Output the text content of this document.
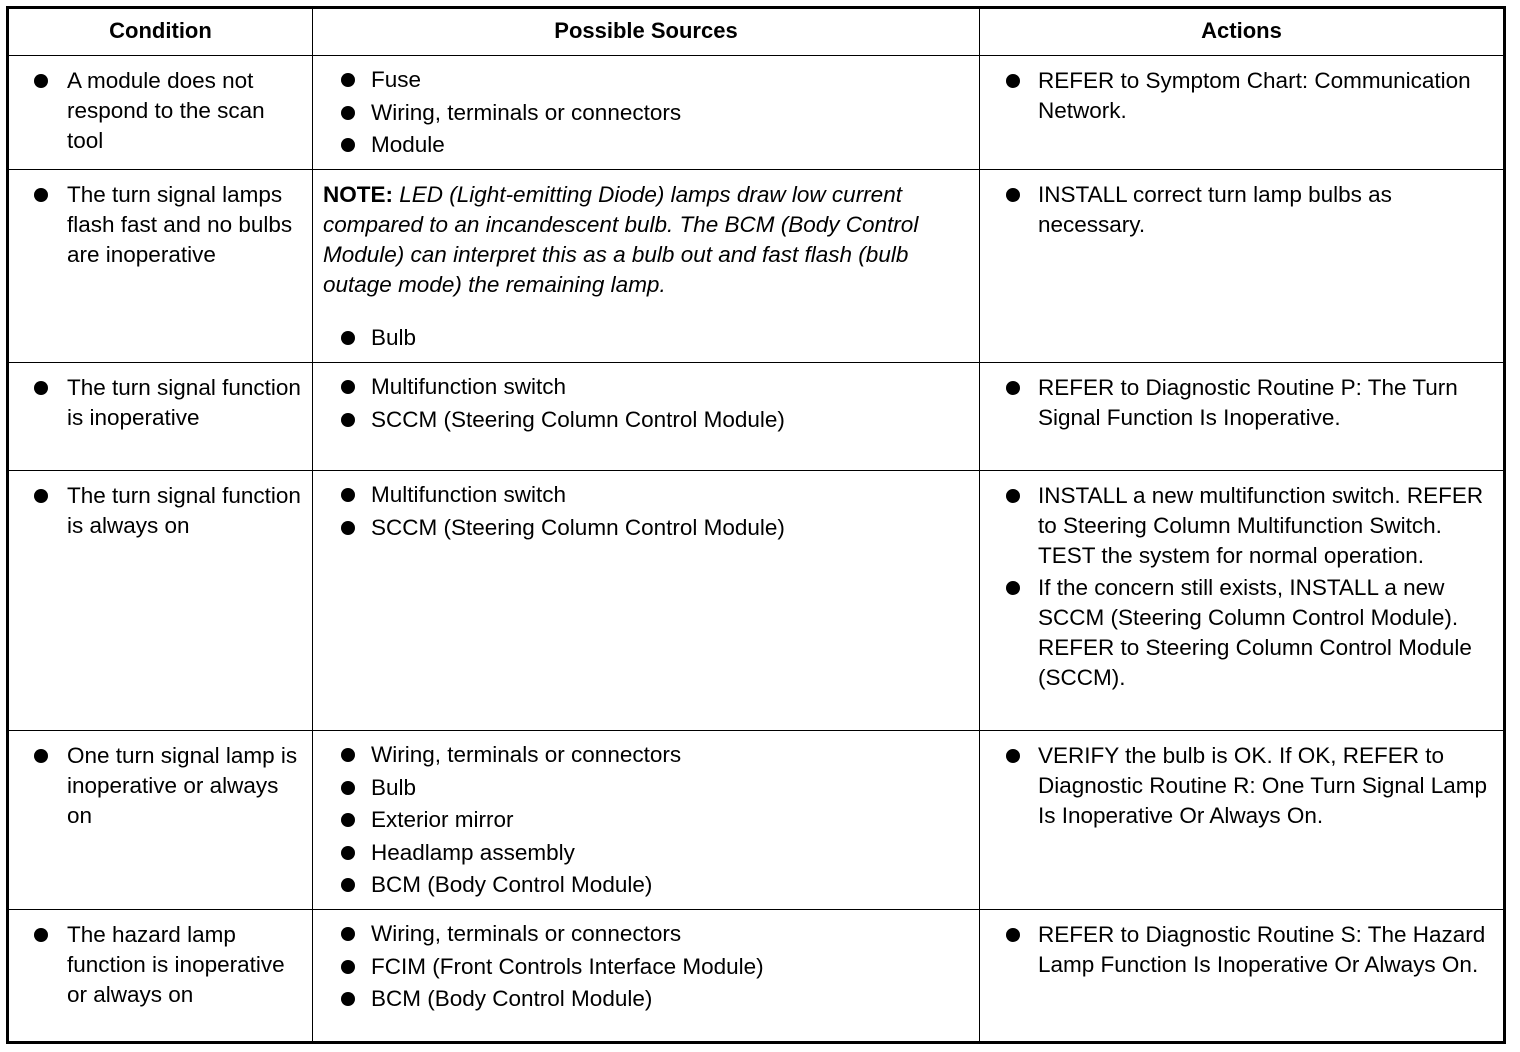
Condition	Possible Sources	Actions
A module does not respond to the scan tool
Fuse
Wiring, terminals or connectors
Module
REFER to Symptom Chart: Communication Network.
The turn signal lamps flash fast and no bulbs are inoperative
NOTE: LED (Light-emitting Diode) lamps draw low current compared to an incandescent bulb. The BCM (Body Control Module) can interpret this as a bulb out and fast flash (bulb outage mode) the remaining lamp.
Bulb
INSTALL correct turn lamp bulbs as necessary.
The turn signal function is inoperative
Multifunction switch
SCCM (Steering Column Control Module)
REFER to Diagnostic Routine P: The Turn Signal Function Is Inoperative.
The turn signal function is always on
Multifunction switch
SCCM (Steering Column Control Module)
INSTALL a new multifunction switch. REFER to Steering Column Multifunction Switch. TEST the system for normal operation.
If the concern still exists, INSTALL a new SCCM (Steering Column Control Module). REFER to Steering Column Control Module (SCCM).
One turn signal lamp is inoperative or always on
Wiring, terminals or connectors
Bulb
Exterior mirror
Headlamp assembly
BCM (Body Control Module)
VERIFY the bulb is OK. If OK, REFER to Diagnostic Routine R: One Turn Signal Lamp Is Inoperative Or Always On.
The hazard lamp function is inoperative or always on
Wiring, terminals or connectors
FCIM (Front Controls Interface Module)
BCM (Body Control Module)
REFER to Diagnostic Routine S: The Hazard Lamp Function Is Inoperative Or Always On.
